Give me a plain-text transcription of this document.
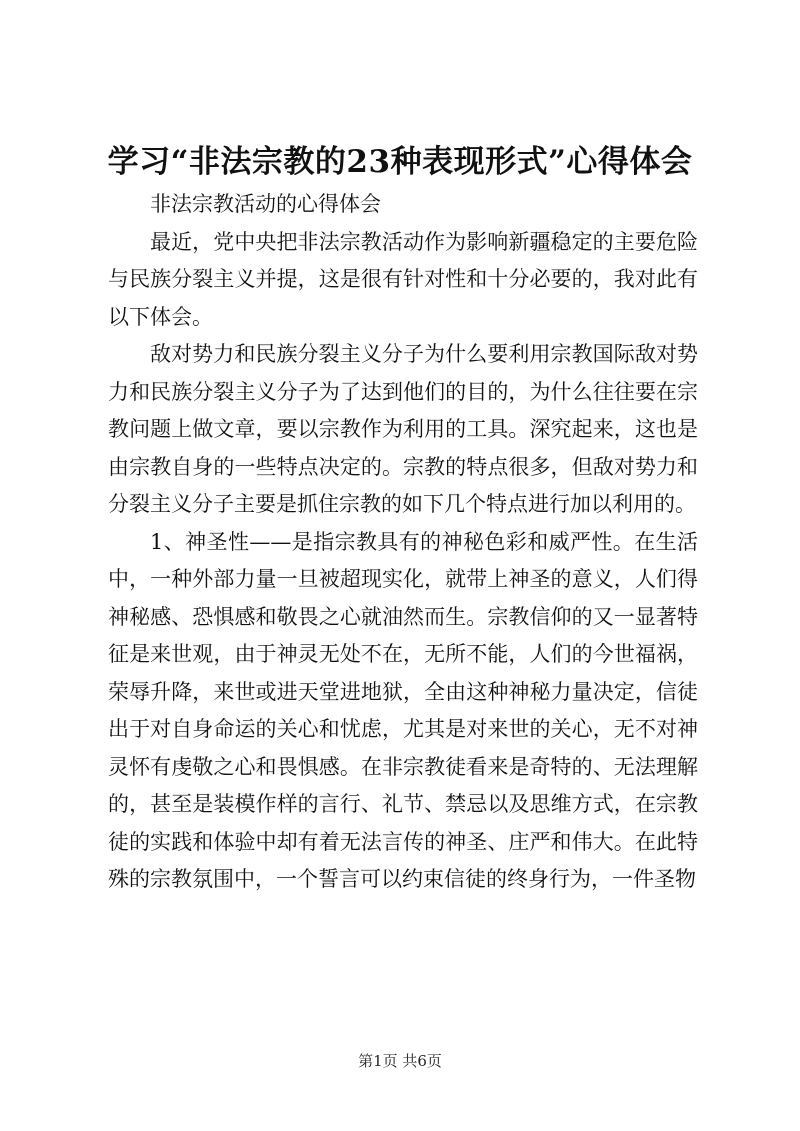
学习“非法宗教的23种表现形式”心得体会

非法宗教活动的心得体会

最近，党中央把非法宗教活动作为影响新疆稳定的主要危险与民族分裂主义并提，这是很有针对性和十分必要的，我对此有以下体会。

敌对势力和民族分裂主义分子为什么要利用宗教国际敌对势力和民族分裂主义分子为了达到他们的目的，为什么往往要在宗教问题上做文章，要以宗教作为利用的工具。深究起来，这也是由宗教自身的一些特点决定的。宗教的特点很多，但敌对势力和分裂主义分子主要是抓住宗教的如下几个特点进行加以利用的。

1、神圣性——是指宗教具有的神秘色彩和威严性。在生活中，一种外部力量一旦被超现实化，就带上神圣的意义，人们得神秘感、恐惧感和敬畏之心就油然而生。宗教信仰的又一显著特征是来世观，由于神灵无处不在，无所不能，人们的今世福祸，荣辱升降，来世或进天堂进地狱，全由这种神秘力量决定，信徒出于对自身命运的关心和忧虑，尤其是对来世的关心，无不对神灵怀有虔敬之心和畏惧感。在非宗教徒看来是奇特的、无法理解的，甚至是装模作样的言行、礼节、禁忌以及思维方式，在宗教徒的实践和体验中却有着无法言传的神圣、庄严和伟大。在此特殊的宗教氛围中，一个誓言可以约束信徒的终身行为，一件圣物

第1页 共6页
